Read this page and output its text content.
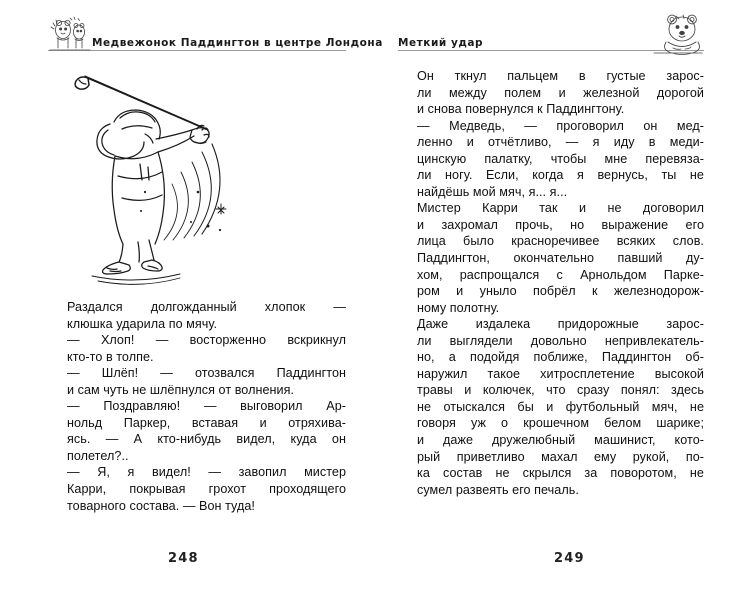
Медвежонок Паддингтон в центре Лондона

Раздался долгожданный хлопок —
клюшка ударила по мячу.

— Хлоп! — восторженно вскрикнул
кто-то в толпе.

— Шлёп! — отозвался Паддингтон
и сам чуть не шлёпнулся от волнения.

— Поздравляю! — выговорил Ар-
нольд Паркер, вставая и отряхива-
ясь. — А кто-нибудь видел, куда он
полетел?..

— Я, я видел! — завопил мистер
Карри, покрывая грохот проходящего
товарного состава. — Вон туда!

248
Меткий удар

Он ткнул пальцем в густые зарос-
ли между полем и железной дорогой
и снова повернулся к Паддингтону.

— Медведь, — проговорил он мед-
ленно и отчётливо, — я иду в меди-
цинскую палатку, чтобы мне перевяза-
ли ногу. Если, когда я вернусь, ты не
найдёшь мой мяч, я... я...

Мистер Карри так и не договорил
и захромал прочь, но выражение его
лица было красноречивее всяких слов.
Паддингтон, окончательно павший ду-
хом, распрощался с Арнольдом Парке-
ром и уныло побрёл к железнодорож-
ному полотну.

Даже издалека придорожные зарос-
ли выглядели довольно непривлекатель-
но, а подойдя поближе, Паддингтон об-
наружил такое хитросплетение высокой
травы и колючек, что сразу понял: здесь
не отыскался бы и футбольный мяч, не
говоря уж о крошечном белом шарике;
и даже дружелюбный машинист, кото-
рый приветливо махал ему рукой, по-
ка состав не скрылся за поворотом, не
сумел развеять его печаль.

249
